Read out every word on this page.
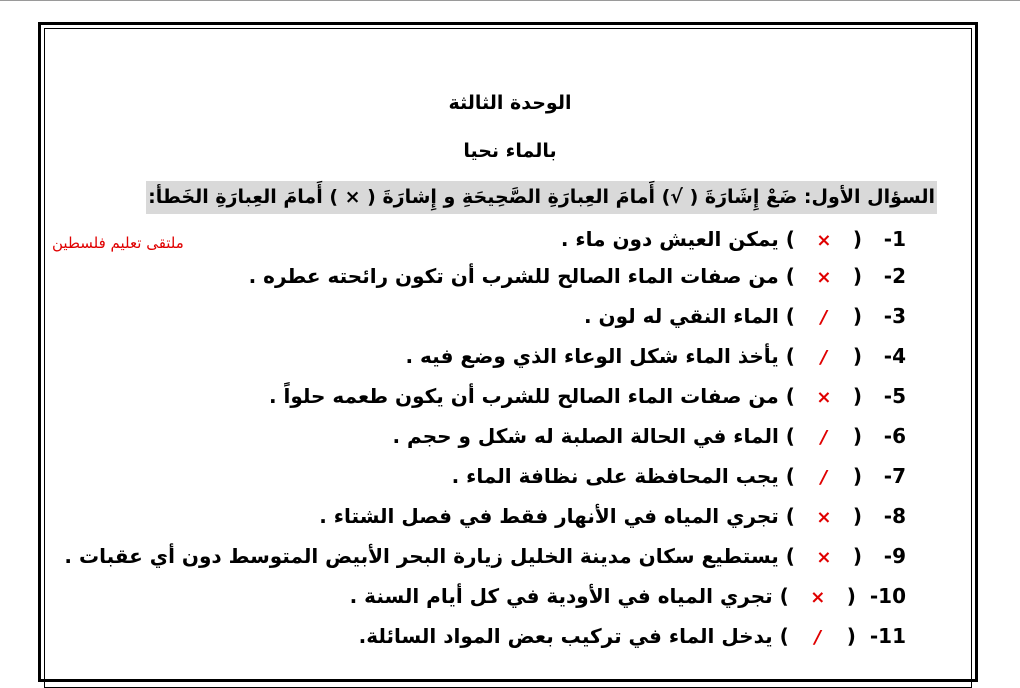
الوحدة الثالثة
بالماء نحيا
السؤال الأول: ضَعْ إِشَارَةَ ( √) أَمامَ العِبارَةِ الصَّحِيحَةِ و إِشارَةَ ( × ) أَمامَ العِبارَةِ الخَطأ:
ملتقى تعليم فلسطين	1-  (×) يمكن العيش دون ماء .
2-  (×) من صفات الماء الصالح للشرب أن تكون رائحته عطره .
3-  (/) الماء النقي له لون .
4-  (/) يأخذ الماء شكل الوعاء الذي وضع فيه .
5-  (×) من صفات الماء الصالح للشرب أن يكون طعمه حلواً .
6-  (/) الماء في الحالة الصلبة له شكل و حجم .
7-  (/) يجب المحافظة على نظافة الماء .
8-  (×) تجري المياه في الأنهار فقط في فصل الشتاء .
9-  (×) يستطيع سكان مدينة الخليل زيارة البحر الأبيض المتوسط دون أي عقبات .
10-  (×) تجري المياه في الأودية في كل أيام السنة .
11-  (/) يدخل الماء في تركيب بعض المواد السائلة.
